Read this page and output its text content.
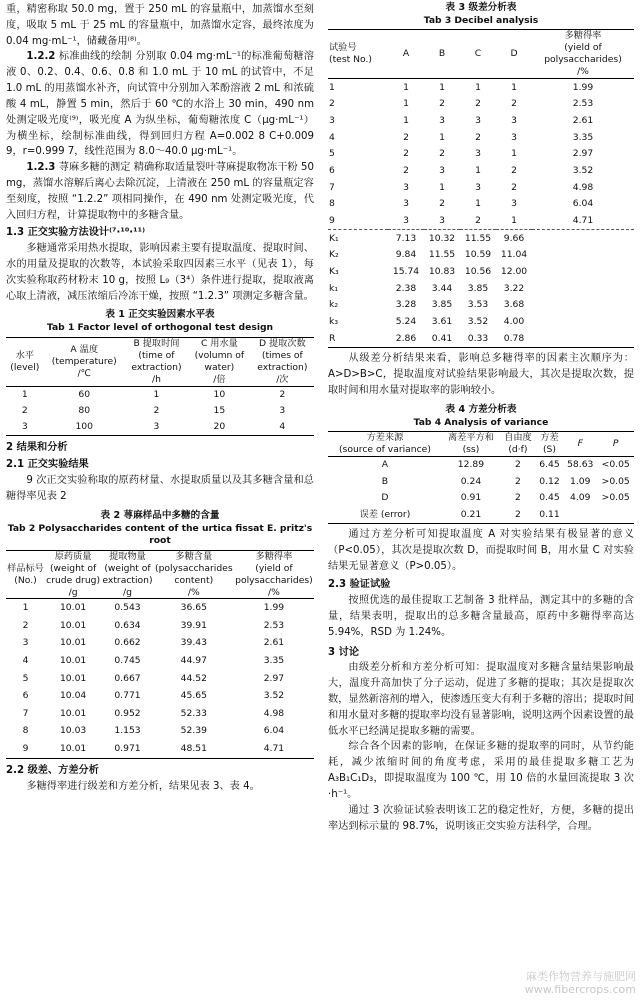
重，精密称取 50.0 mg，置于 250 mL 的容量瓶中，加蒸馏水至刻度，吸取 5 mL 于 25 mL 的容量瓶中，加蒸馏水定容，最终浓度为 0.04 mg·mL⁻¹，储藏备用⁽⁸⁾。

1.2.2 标准曲线的绘制 分别取 0.04 mg·mL⁻¹的标准葡萄糖溶液 0、0.2、0.4、0.6、0.8 和 1.0 mL 于 10 mL 的试管中，不足 1.0 mL 的用蒸馏水补齐，向试管中分别加入苯酚溶液 2 mL 和浓硫酸 4 mL，静置 5 min，然后于 60 ℃的水浴上 30 min，490 nm 处测定吸光度⁽⁹⁾，吸光度 A 为纵坐标，葡萄糖浓度 C（μg·mL⁻¹）为横坐标，绘制标准曲线，得到回归方程 A=0.002 8 C+0.009 9，r=0.999 7，线性范围为 8.0～40.0 μg·mL⁻¹。

1.2.3 荨麻多糖的测定 精确称取适量裂叶荨麻提取物冻干粉 50 mg，蒸馏水溶解后离心去除沉淀，上清液在 250 mL 的容量瓶定容至刻度，按照 “1.2.2” 项相同操作，在 490 nm 处测定吸光度，代入回归方程，计算提取物中的多糖含量。

1.3 正交实验方法设计⁽⁷·¹⁰·¹¹⁾

多糖通常采用热水提取，影响因素主要有提取温度、提取时间、水的用量及提取的次数等，本试验采取四因素三水平（见表 1），每次实验称取药材粉末 10 g，按照 L₉（3⁴）条件进行提取，提取液离心取上清液，减压浓缩后冷冻干燥，按照 “1.2.3” 项测定多糖含量。

表 1 正交实验因素水平表
Tab 1 Factor level of orthogonal test design
水平
(level)	A 温度
(temperature)
/℃	B 提取时间
(time of
extraction)
/h	C 用水量
(volumn of
water)
/倍	D 提取次数
(times of
extraction)
/次
1	60	1	10	2
2	80	2	15	3
3	100	3	20	4

2 结果和分析

2.1 正交实验结果

9 次正交实验称取的原药材量、水提取质量以及其多糖含量和总糖得率见表 2

表 2 荨麻样品中多糖的含量
Tab 2 Polysaccharides content of the urtica fissat E. pritz's root
样品标号
(No.)	原药质量
(weight of
crude drug)
/g	提取物量
(weight of
extraction)
/g	多糖含量
(polysaccharides
content)
/%	多糖得率
(yield of
polysaccharides)
/%
1	10.01	0.543	36.65	1.99
2	10.01	0.634	39.91	2.53
3	10.01	0.662	39.43	2.61
4	10.01	0.745	44.97	3.35
5	10.01	0.667	44.52	2.97
6	10.04	0.771	45.65	3.52
7	10.01	0.952	52.33	4.98
8	10.03	1.153	52.39	6.04
9	10.01	0.971	48.51	4.71

2.2 级差、方差分析

多糖得率进行级差和方差分析，结果见表 3、表 4。

表 3 级差分析表
Tab 3 Decibel analysis
试验号
(test No.)	A	B	C	D	多糖得率
(yield of polysaccharides)
/%
1	1	1	1	1	1.99
2	1	2	2	2	2.53
3	1	3	3	3	2.61
4	2	1	2	3	3.35
5	2	2	3	1	2.97
6	2	3	1	2	3.52
7	3	1	3	2	4.98
8	3	2	1	3	6.04
9	3	3	2	1	4.71
K₁	7.13	10.32	11.55	9.66	
K₂	9.84	11.55	10.59	11.04	
K₃	15.74	10.83	10.56	12.00	
k₁	2.38	3.44	3.85	3.22	
k₂	3.28	3.85	3.53	3.68	
k₃	5.24	3.61	3.52	4.00	
R	2.86	0.41	0.33	0.78	

从级差分析结果来看，影响总多糖得率的因素主次顺序为：A>D>B>C，提取温度对试验结果影响最大，其次是提取次数，提取时间和用水量对提取率的影响较小。

表 4 方差分析表
Tab 4 Analysis of variance
方差来源
(source of variance)	离差平方和
(ss)	自由度
(d·f)	方差
(S)	F	P
A	12.89	2	6.45	58.63	<0.05
B	0.24	2	0.12	1.09	>0.05
D	0.91	2	0.45	4.09	>0.05
误差 (error)	0.21	2	0.11		

通过方差分析可知提取温度 A 对实验结果有极显著的意义（P<0.05），其次是提取次数 D，而提取时间 B，用水量 C 对实验结果无显著意义（P>0.05）。

2.3 验证试验

按照优选的最佳提取工艺制备 3 批样品，测定其中的多糖的含量，结果表明，提取出的总多糖含量最高，原药中多糖得率高达 5.94%，RSD 为 1.24%。

3 讨论

由级差分析和方差分析可知：提取温度对多糖含量结果影响最大，温度升高加快了分子运动，促进了多糖的提取；其次是提取次数，显然新溶剂的增入，使渗透压变大有利于多糖的溶出；提取时间和用水量对多糖的提取率均没有显著影响，说明这两个因素设置的最低水平已经满足提取多糖的需要。

综合各个因素的影响，在保证多糖的提取率的同时，从节约能耗，减少浓缩时间的角度考虑，采用的最佳提取多糖工艺为 A₃B₁C₁D₃，即提取温度为 100 ℃，用 10 倍的水量回流提取 3 次·h⁻¹。

通过 3 次验证试验表明该工艺的稳定性好，方便，多糖的提出率达到标示量的 98.7%，说明该正交实验方法科学，合理。

麻类作物营养与施肥网
www.fibercrops.com
